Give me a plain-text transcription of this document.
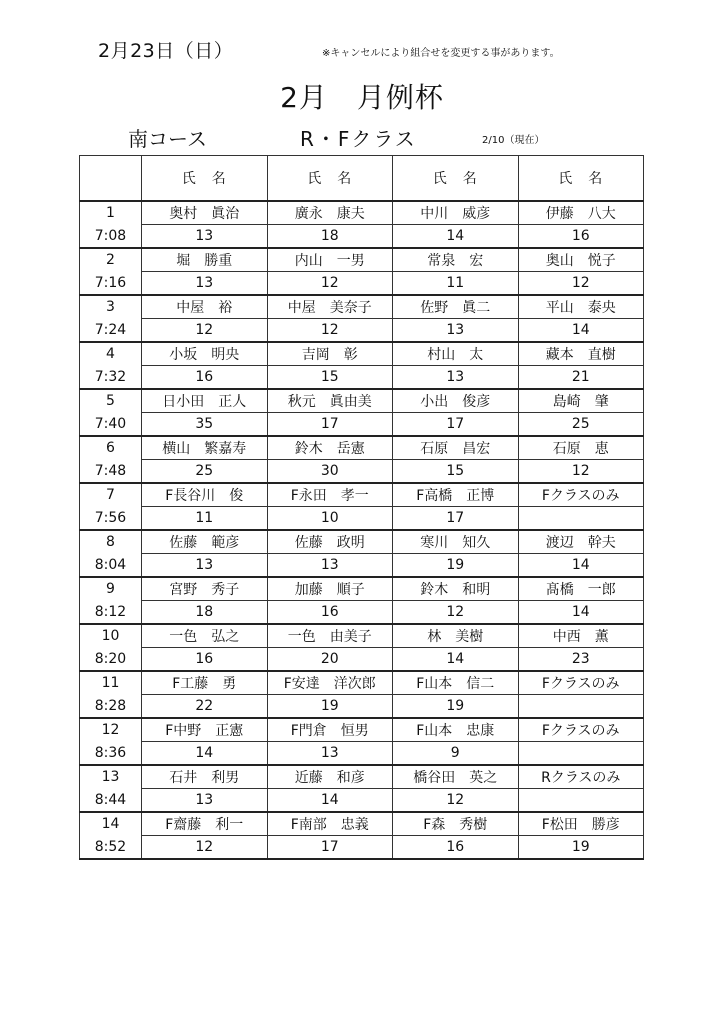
2月23日（日）	※キャンセルにより組合せを変更する事があります。
2月　月例杯
南コース	R・Fクラス	2/10（現在）
	氏　名	氏　名	氏　名	氏　名
1	奥村　眞治	廣永　康夫	中川　威彦	伊藤　八大
7:08	13	18	14	16
2	堀　勝重	内山　一男	常泉　宏	奥山　悦子
7:16	13	12	11	12
3	中屋　裕	中屋　美奈子	佐野　眞二	平山　泰央
7:24	12	12	13	14
4	小坂　明央	吉岡　彰	村山　太	藏本　直樹
7:32	16	15	13	21
5	日小田　正人	秋元　眞由美	小出　俊彦	島崎　肇
7:40	35	17	17	25
6	横山　繁嘉寿	鈴木　岳憲	石原　昌宏	石原　恵
7:48	25	30	15	12
7	F長谷川　俊	F永田　孝一	F高橋　正博	Fクラスのみ
7:56	11	10	17	
8	佐藤　範彦	佐藤　政明	寒川　知久	渡辺　幹夫
8:04	13	13	19	14
9	宮野　秀子	加藤　順子	鈴木　和明	髙橋　一郎
8:12	18	16	12	14
10	一色　弘之	一色　由美子	林　美樹	中西　薫
8:20	16	20	14	23
11	F工藤　勇	F安達　洋次郎	F山本　信二	Fクラスのみ
8:28	22	19	19	
12	F中野　正憲	F門倉　恒男	F山本　忠康	Fクラスのみ
8:36	14	13	9	
13	石井　利男	近藤　和彦	橋谷田　英之	Rクラスのみ
8:44	13	14	12	
14	F齋藤　利一	F南部　忠義	F森　秀樹	F松田　勝彦
8:52	12	17	16	19
